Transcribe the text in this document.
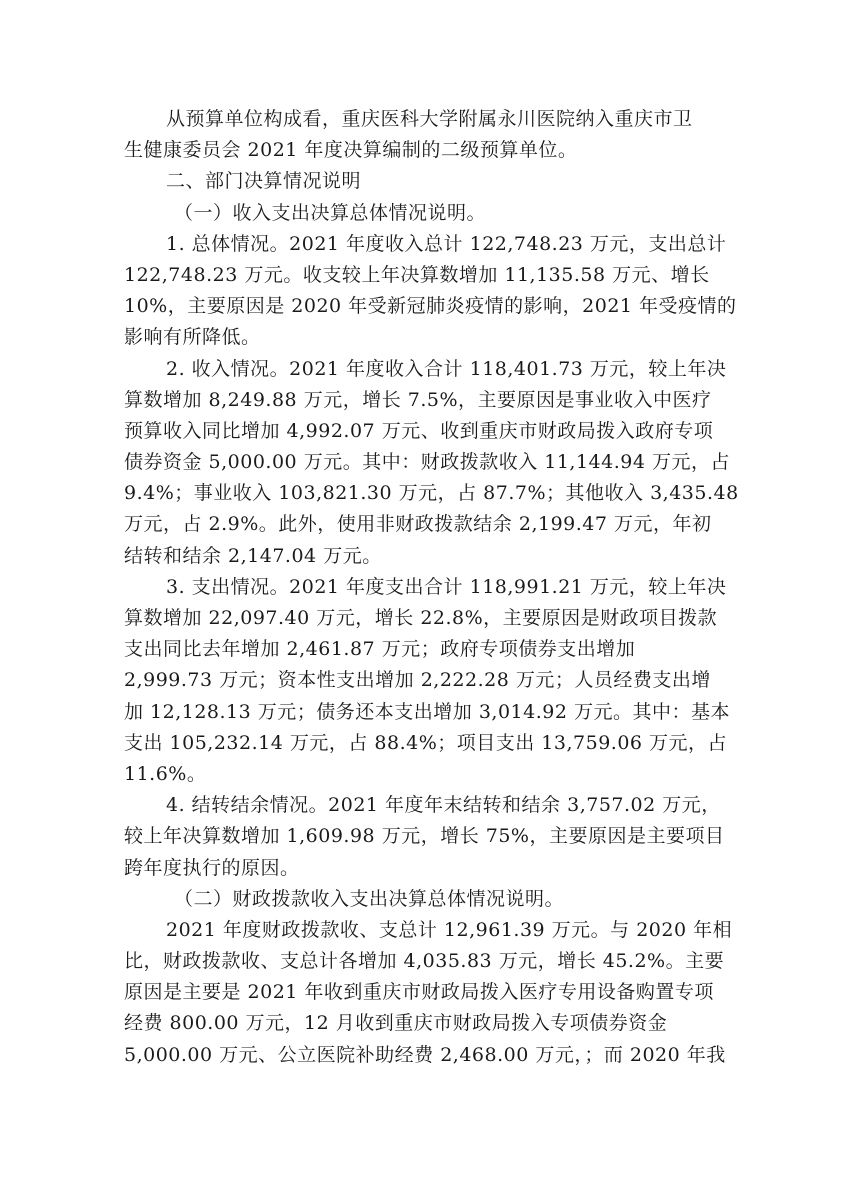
从预算单位构成看，重庆医科大学附属永川医院纳入重庆市卫
生健康委员会 2021 年度决算编制的二级预算单位。
二、部门决算情况说明
（一）收入支出决算总体情况说明。
1. 总体情况。2021 年度收入总计 122,748.23 万元，支出总计
122,748.23 万元。收支较上年决算数增加 11,135.58 万元、增长
10%，主要原因是 2020 年受新冠肺炎疫情的影响，2021 年受疫情的
影响有所降低。
2. 收入情况。2021 年度收入合计 118,401.73 万元，较上年决
算数增加 8,249.88 万元，增长 7.5%，主要原因是事业收入中医疗
预算收入同比增加 4,992.07 万元、收到重庆市财政局拨入政府专项
债券资金 5,000.00 万元。其中：财政拨款收入 11,144.94 万元，占
9.4%；事业收入 103,821.30 万元，占 87.7%；其他收入 3,435.48
万元，占 2.9%。此外，使用非财政拨款结余 2,199.47 万元，年初
结转和结余 2,147.04 万元。
3. 支出情况。2021 年度支出合计 118,991.21 万元，较上年决
算数增加 22,097.40 万元，增长 22.8%，主要原因是财政项目拨款
支出同比去年增加 2,461.87 万元；政府专项债券支出增加
2,999.73 万元；资本性支出增加 2,222.28 万元；人员经费支出增
加 12,128.13 万元；债务还本支出增加 3,014.92 万元。其中：基本
支出 105,232.14 万元，占 88.4%；项目支出 13,759.06 万元，占
11.6%。
4. 结转结余情况。2021 年度年末结转和结余 3,757.02 万元，
较上年决算数增加 1,609.98 万元，增长 75%，主要原因是主要项目
跨年度执行的原因。
（二）财政拨款收入支出决算总体情况说明。
2021 年度财政拨款收、支总计 12,961.39 万元。与 2020 年相
比，财政拨款收、支总计各增加 4,035.83 万元，增长 45.2%。主要
原因是主要是 2021 年收到重庆市财政局拨入医疗专用设备购置专项
经费 800.00 万元，12 月收到重庆市财政局拨入专项债券资金
5,000.00 万元、公立医院补助经费 2,468.00 万元，；而 2020 年我
